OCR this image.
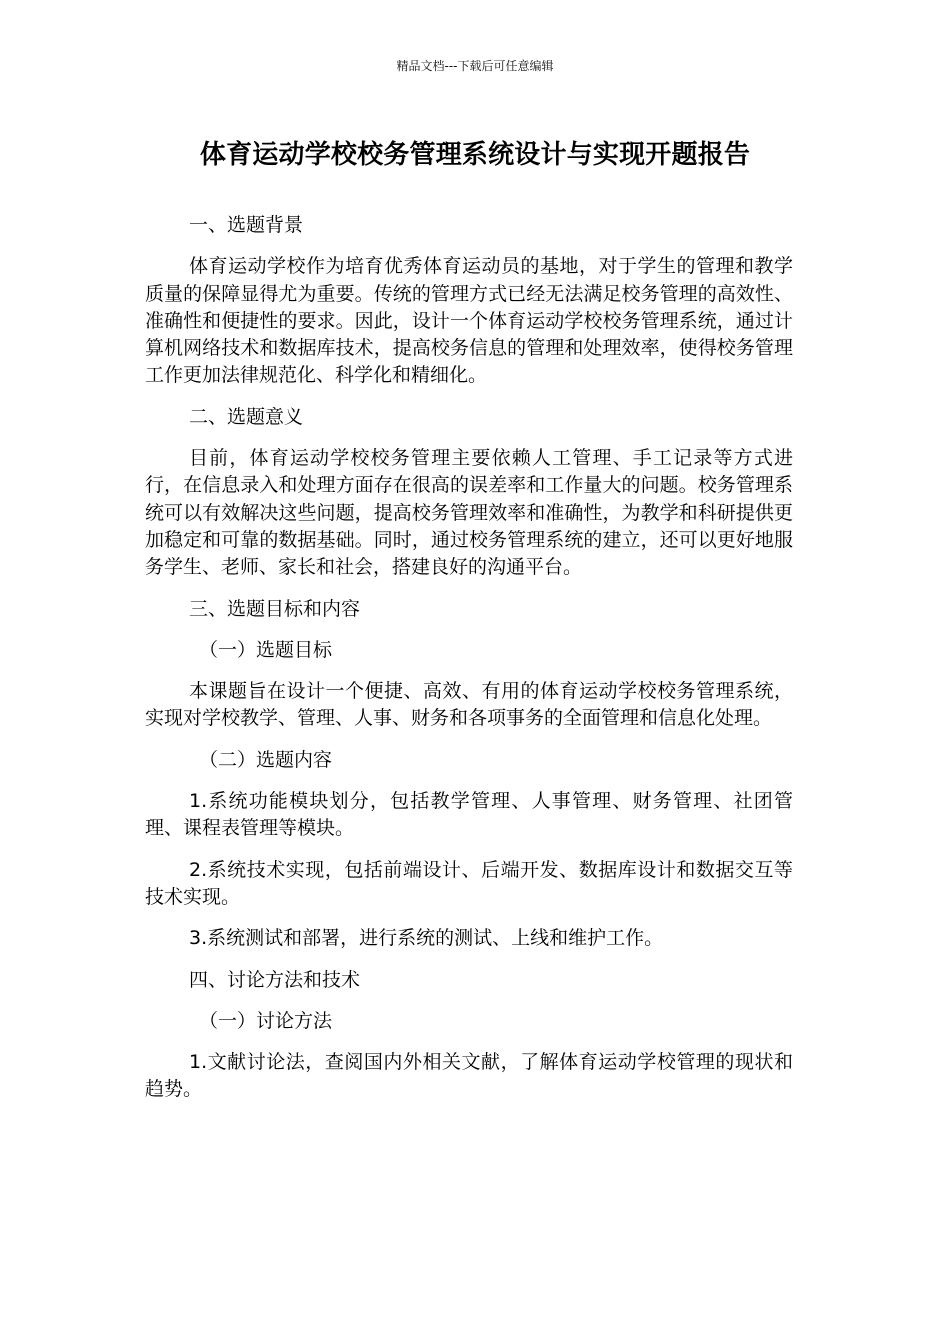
精品文档---下载后可任意编辑
体育运动学校校务管理系统设计与实现开题报告
一、选题背景
体育运动学校作为培育优秀体育运动员的基地，对于学生的管理和教学质量的保障显得尤为重要。传统的管理方式已经无法满足校务管理的高效性、准确性和便捷性的要求。因此，设计一个体育运动学校校务管理系统，通过计算机网络技术和数据库技术，提高校务信息的管理和处理效率，使得校务管理工作更加法律规范化、科学化和精细化。
二、选题意义
目前，体育运动学校校务管理主要依赖人工管理、手工记录等方式进行，在信息录入和处理方面存在很高的误差率和工作量大的问题。校务管理系统可以有效解决这些问题，提高校务管理效率和准确性，为教学和科研提供更加稳定和可靠的数据基础。同时，通过校务管理系统的建立，还可以更好地服务学生、老师、家长和社会，搭建良好的沟通平台。
三、选题目标和内容
（一）选题目标
本课题旨在设计一个便捷、高效、有用的体育运动学校校务管理系统，实现对学校教学、管理、人事、财务和各项事务的全面管理和信息化处理。
（二）选题内容
1.系统功能模块划分，包括教学管理、人事管理、财务管理、社团管理、课程表管理等模块。
2.系统技术实现，包括前端设计、后端开发、数据库设计和数据交互等技术实现。
3.系统测试和部署，进行系统的测试、上线和维护工作。
四、讨论方法和技术
（一）讨论方法
1.文献讨论法，查阅国内外相关文献，了解体育运动学校管理的现状和趋势。
